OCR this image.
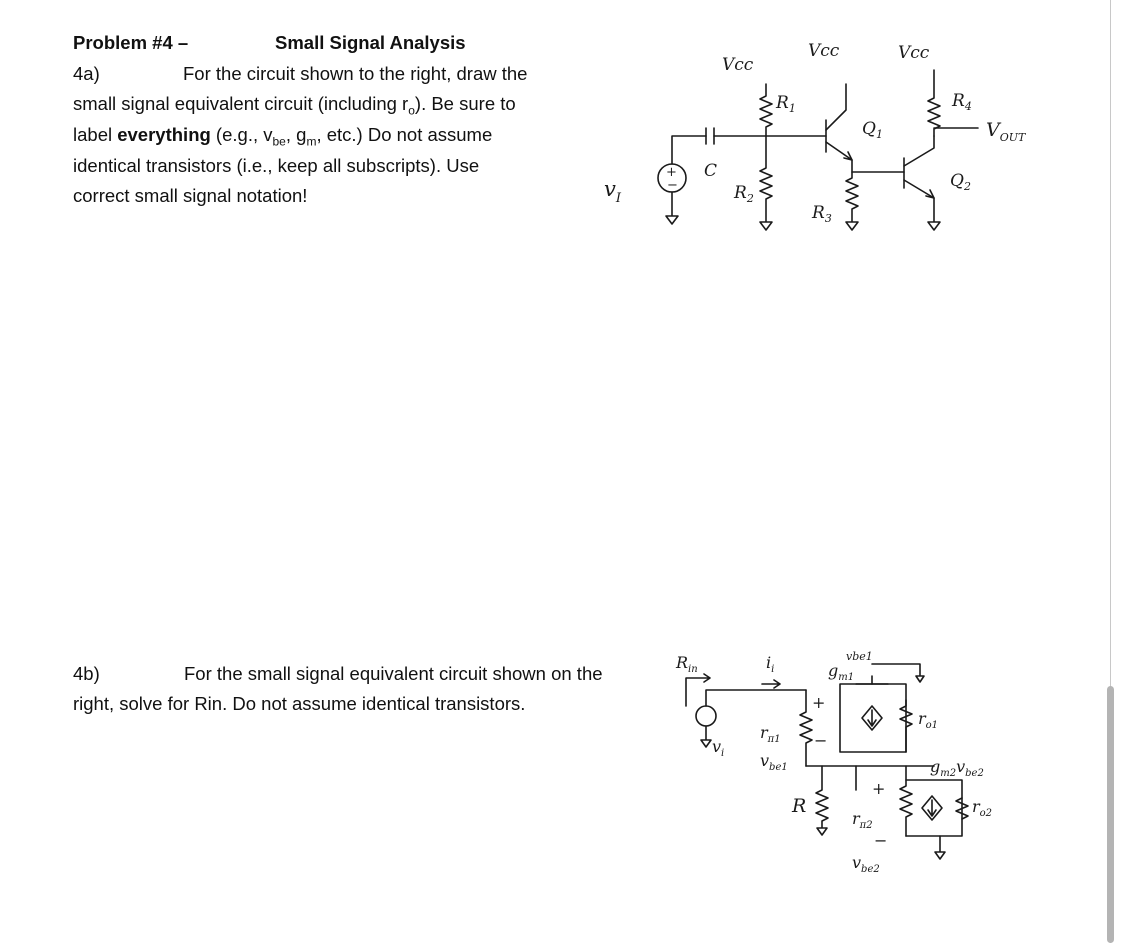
Problem #4 –	Small Signal Analysis
4a)	For the circuit shown to the right, draw the
small signal equivalent circuit (including $r_o$). Be sure to
label everything (e.g., $v_{be}$, $g_m$, etc.) Do not assume
identical transistors (i.e., keep all subscripts). Use
correct small signal notation!
4b)	For the small signal equivalent circuit shown on the
right, solve for Rin. Do not assume identical transistors.
Vcc
Vcc	Vcc
$R_1$
$R_2$
$R_3$
$R_4$
C
$Q_1$
$Q_2$
$v_I$
$V_{OUT}$
+
−
$R_{in}$	$i_i$
$v_i$
$r_{\pi 1}$
$v_{be1}$
$g_{m1}$
vbe1
$r_{o1}$
R
$r_{\pi 2}$
$v_{be2}$
$g_{m2}v_{be2}$
$r_{o2}$
+
−
+
−
